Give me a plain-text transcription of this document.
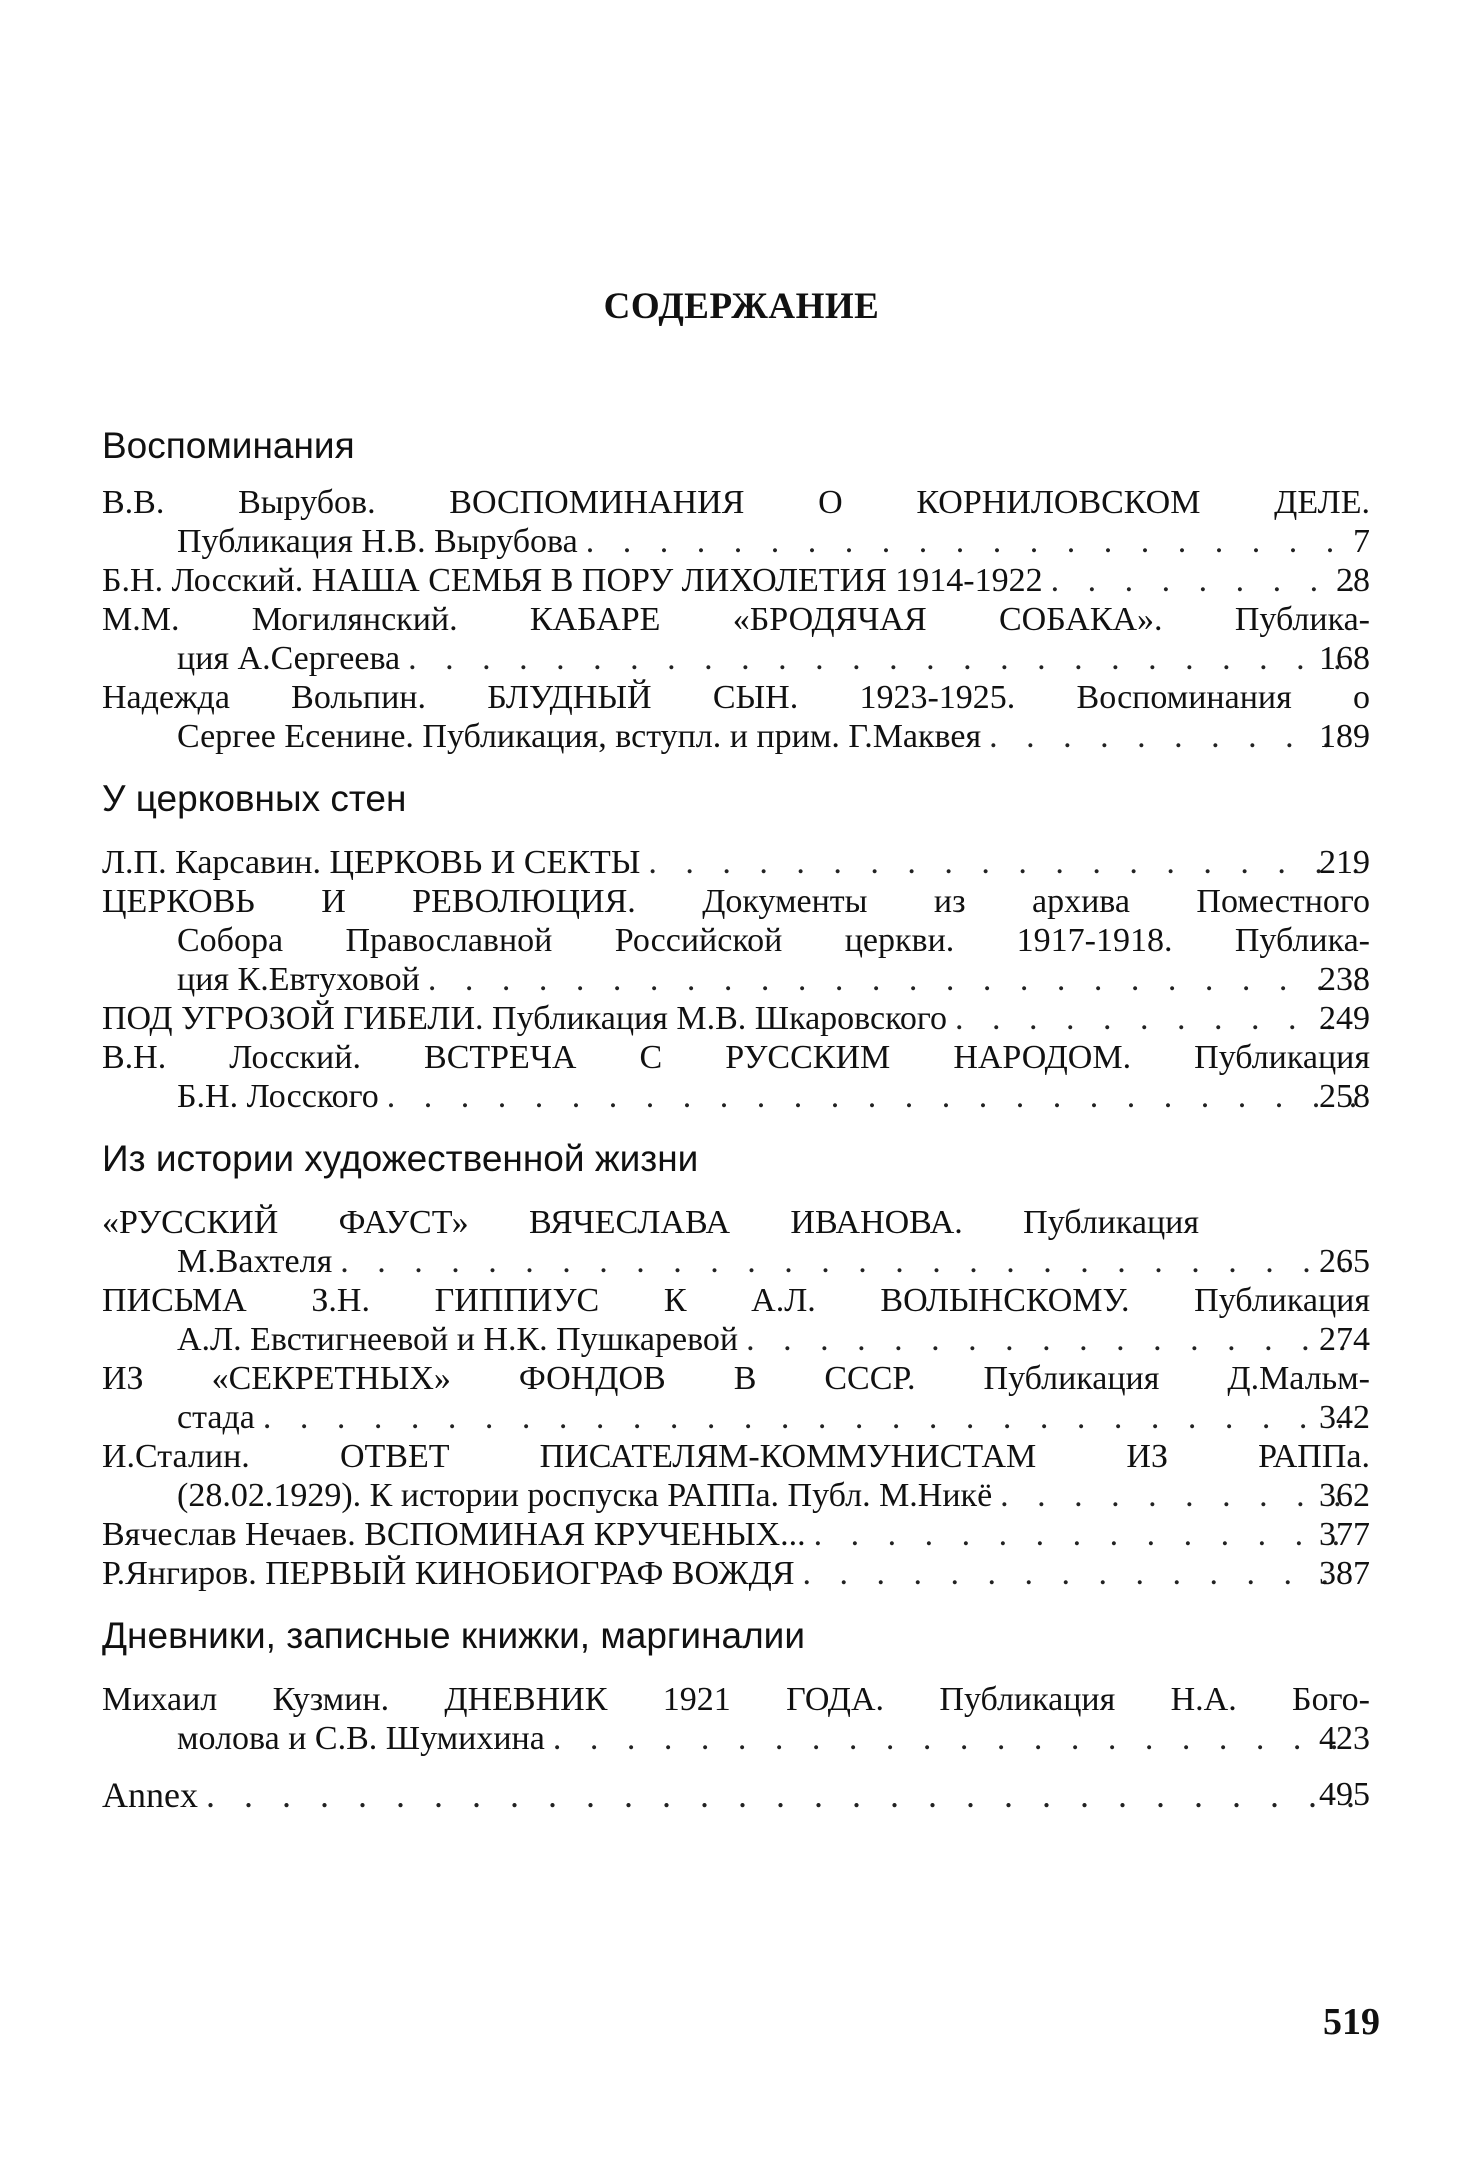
СОДЕРЖАНИЕ
Воспоминания
В.В. Вырубов. ВОСПОМИНАНИЯ О КОРНИЛОВСКОМ ДЕЛЕ.
Публикация Н.В. Вырубова . . .	7
Б.Н. Лосский. НАША СЕМЬЯ В ПОРУ ЛИХОЛЕТИЯ 1914-1922 . . .	28
М.М. Могилянский. КАБАРЕ «БРОДЯЧАЯ СОБАКА». Публика-
ция А.Сергеева . . .	168
Надежда Вольпин. БЛУДНЫЙ СЫН. 1923-1925. Воспоминания о
Сергее Есенине. Публикация, вступл. и прим. Г.Маквея . . .	189
У церковных стен
Л.П. Карсавин. ЦЕРКОВЬ И СЕКТЫ . . .	219
ЦЕРКОВЬ И РЕВОЛЮЦИЯ. Документы из архива Поместного
Собора Православной Российской церкви. 1917-1918. Публика-
ция К.Евтуховой . . .	238
ПОД УГРОЗОЙ ГИБЕЛИ. Публикация М.В. Шкаровского . . .	249
В.Н. Лосский. ВСТРЕЧА С РУССКИМ НАРОДОМ. Публикация
Б.Н. Лосского . . .	258
Из истории художественной жизни
«РУССКИЙ ФАУСТ» ВЯЧЕСЛАВА ИВАНОВА. Публикация
М.Вахтеля . . .	265
ПИСЬМА З.Н. ГИППИУС К А.Л. ВОЛЫНСКОМУ. Публикация
А.Л. Евстигнеевой и Н.К. Пушкаревой . . .	274
ИЗ «СЕКРЕТНЫХ» ФОНДОВ В СССР. Публикация Д.Мальм-
стада . . .	342
И.Сталин. ОТВЕТ ПИСАТЕЛЯМ-КОММУНИСТАМ ИЗ РАППа.
(28.02.1929). К истории роспуска РАППа. Публ. М.Никё . . .	362
Вячеслав Нечаев. ВСПОМИНАЯ КРУЧЕНЫХ... . . .	377
Р.Янгиров. ПЕРВЫЙ КИНОБИОГРАФ ВОЖДЯ . . .	387
Дневники, записные книжки, маргиналии
Михаил Кузмин. ДНЕВНИК 1921 ГОДА. Публикация Н.А. Бого-
молова и С.В. Шумихина . . .	423
Annex . . .	495
519
